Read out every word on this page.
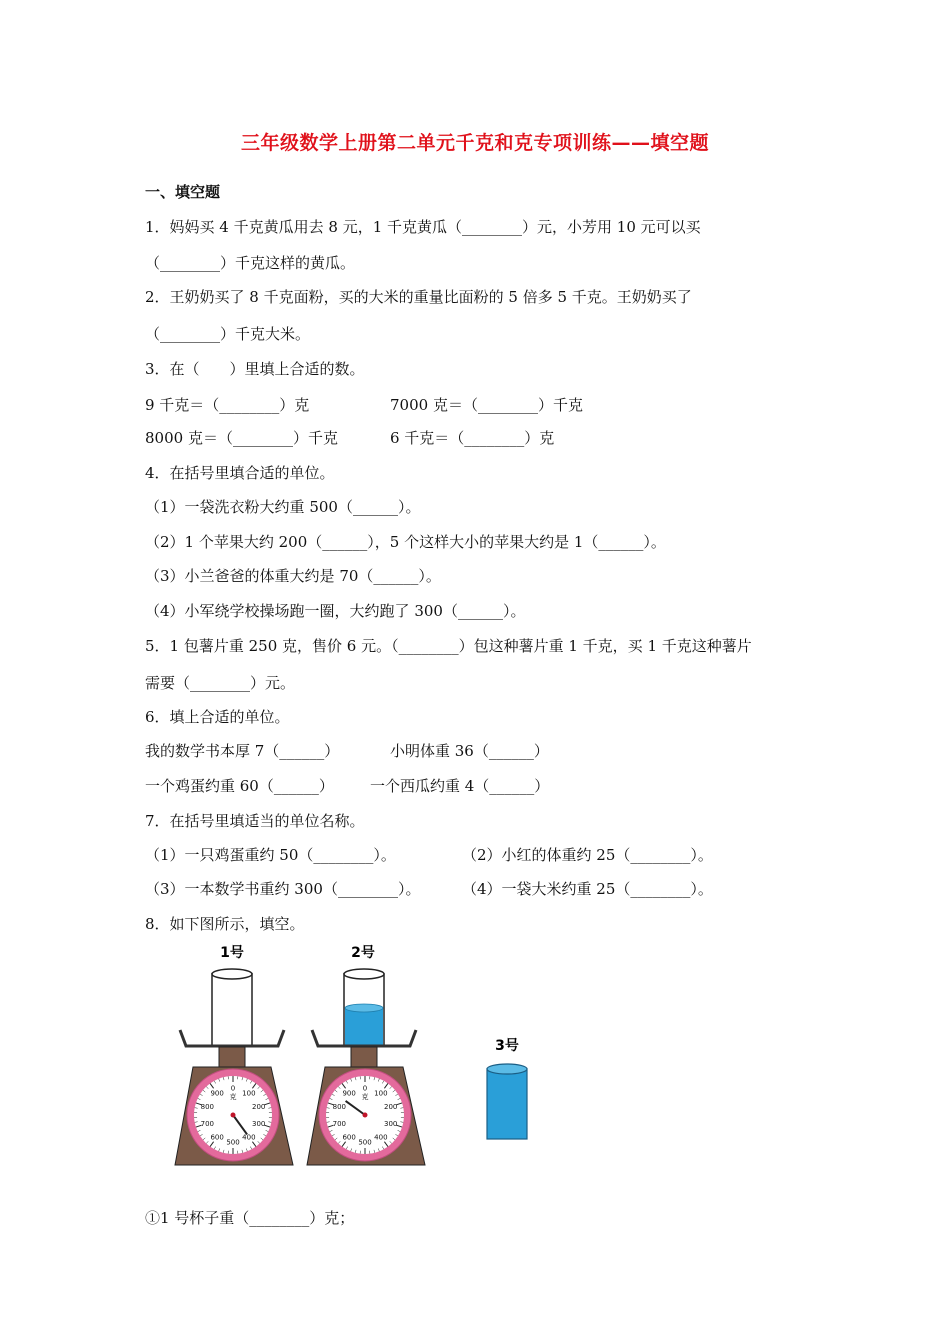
三年级数学上册第二单元千克和克专项训练——填空题
一、填空题
1．妈妈买 4 千克黄瓜用去 8 元，1 千克黄瓜（________）元，小芳用 10 元可以买
（________）千克这样的黄瓜。
2．王奶奶买了 8 千克面粉，买的大米的重量比面粉的 5 倍多 5 千克。王奶奶买了
（________）千克大米。
3．在（　　）里填上合适的数。
9 千克＝（________）克	7000 克＝（________）千克
8000 克＝（________）千克	6 千克＝（________）克
4．在括号里填合适的单位。
（1）一袋洗衣粉大约重 500（______）。
（2）1 个苹果大约 200（______），5 个这样大小的苹果大约是 1（______）。
（3）小兰爸爸的体重大约是 70（______）。
（4）小军绕学校操场跑一圈，大约跑了 300（______）。
5．1 包薯片重 250 克，售价 6 元。（________）包这种薯片重 1 千克，买 1 千克这种薯片
需要（________）元。
6．填上合适的单位。
我的数学书本厚 7（______）	小明体重 36（______）
一个鸡蛋约重 60（______） 一个西瓜约重 4（______）
7．在括号里填适当的单位名称。
（1）一只鸡蛋重约 50（________）。	（2）小红的体重约 25（________）。
（3）一本数学书重约 300（________）。	（4）一袋大米约重 25（________）。
8．如下图所示，填空。
①1 号杯子重（________）克；
1号
0
100
200
300
400
500
600
700
800
900 克
2号
0
100
200
300
400
500
600
700
800
900 克
3号
